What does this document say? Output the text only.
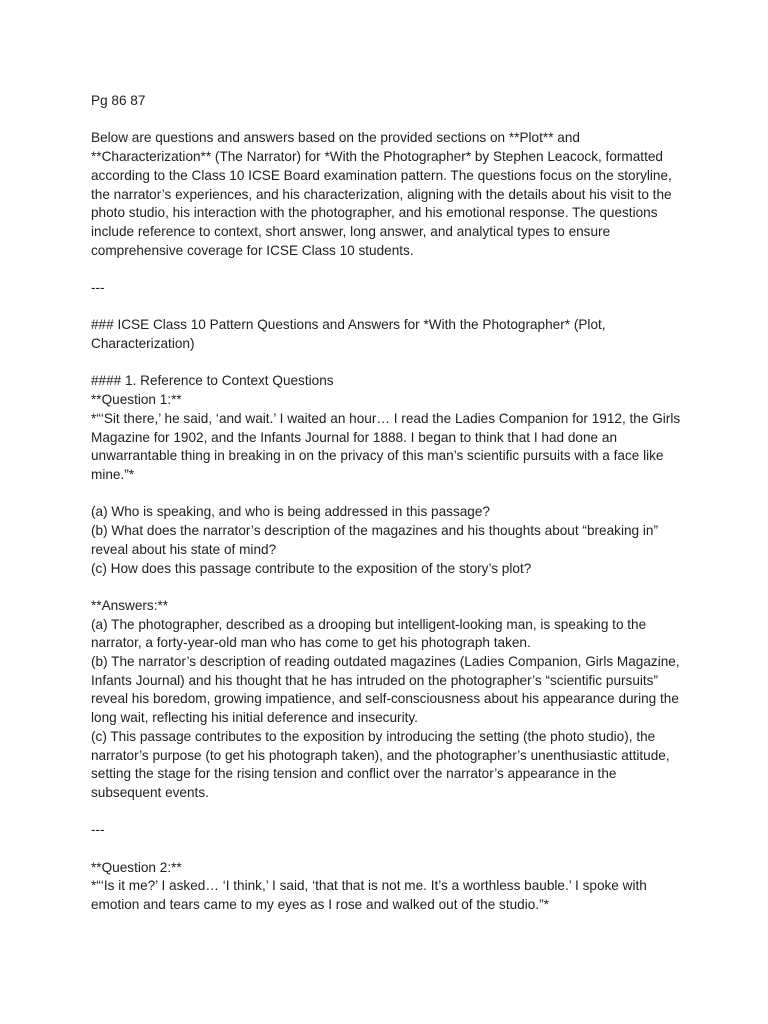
Pg 86 87

Below are questions and answers based on the provided sections on **Plot** and **Characterization** (The Narrator) for *With the Photographer* by Stephen Leacock, formatted according to the Class 10 ICSE Board examination pattern. The questions focus on the storyline, the narrator’s experiences, and his characterization, aligning with the details about his visit to the photo studio, his interaction with the photographer, and his emotional response. The questions include reference to context, short answer, long answer, and analytical types to ensure comprehensive coverage for ICSE Class 10 students.

---

### ICSE Class 10 Pattern Questions and Answers for *With the Photographer* (Plot, Characterization)

#### 1. Reference to Context Questions

**Question 1:**

*“‘Sit there,’ he said, ‘and wait.’ I waited an hour… I read the Ladies Companion for 1912, the Girls Magazine for 1902, and the Infants Journal for 1888. I began to think that I had done an unwarrantable thing in breaking in on the privacy of this man’s scientific pursuits with a face like mine.”*

(a) Who is speaking, and who is being addressed in this passage?

(b) What does the narrator’s description of the magazines and his thoughts about “breaking in” reveal about his state of mind?

(c) How does this passage contribute to the exposition of the story’s plot?

**Answers:**

(a) The photographer, described as a drooping but intelligent-looking man, is speaking to the narrator, a forty-year-old man who has come to get his photograph taken.

(b) The narrator’s description of reading outdated magazines (Ladies Companion, Girls Magazine, Infants Journal) and his thought that he has intruded on the photographer’s “scientific pursuits” reveal his boredom, growing impatience, and self-consciousness about his appearance during the long wait, reflecting his initial deference and insecurity.

(c) This passage contributes to the exposition by introducing the setting (the photo studio), the narrator’s purpose (to get his photograph taken), and the photographer’s unenthusiastic attitude, setting the stage for the rising tension and conflict over the narrator’s appearance in the subsequent events.

---

**Question 2:**

*“‘Is it me?’ I asked… ‘I think,’ I said, ‘that that is not me. It’s a worthless bauble.’ I spoke with emotion and tears came to my eyes as I rose and walked out of the studio.”*
